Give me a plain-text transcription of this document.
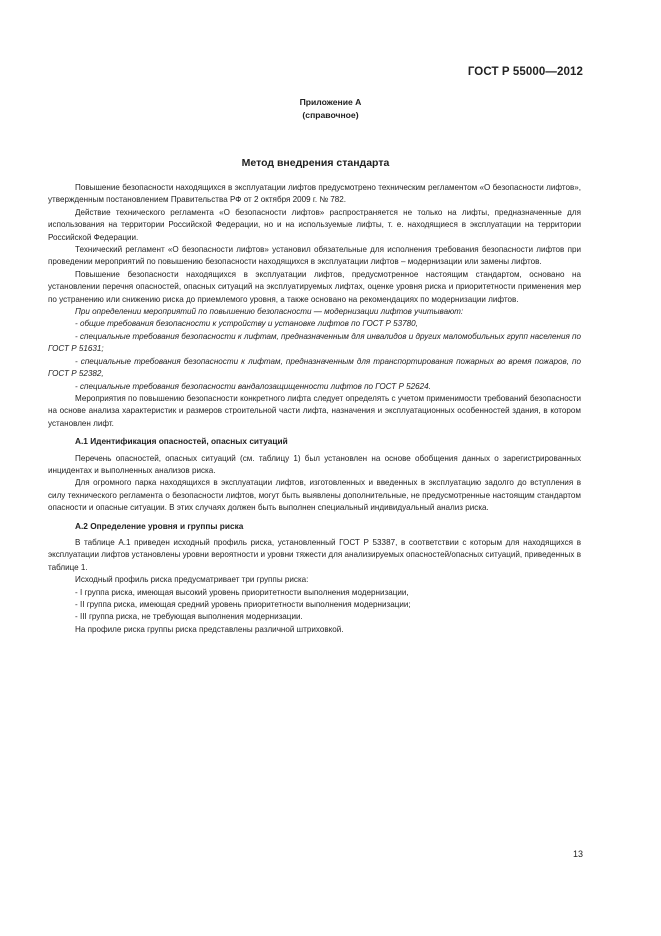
ГОСТ Р 55000—2012
Приложение А
(справочное)
Метод внедрения стандарта

Повышение безопасности находящихся в эксплуатации лифтов предусмотрено техническим регламентом «О безопасности лифтов», утвержденным постановлением Правительства РФ от 2 октября 2009 г. № 782.

Действие технического регламента «О безопасности лифтов» распространяется не только на лифты, предназначенные для использования на территории Российской Федерации, но и на используемые лифты, т. е. находящиеся в эксплуатации на территории Российской Федерации.

Технический регламент «О безопасности лифтов» установил обязательные для исполнения требования безопасности лифтов при проведении мероприятий по повышению безопасности находящихся в эксплуатации лифтов – модернизации или замены лифтов.

Повышение безопасности находящихся в эксплуатации лифтов, предусмотренное настоящим стандартом, основано на установлении перечня опасностей, опасных ситуаций на эксплуатируемых лифтах, оценке уровня риска и приоритетности применения мер по устранению или снижению риска до приемлемого уровня, а также основано на рекомендациях по модернизации лифтов.

При определении мероприятий по повышению безопасности — модернизации лифтов учитывают:

- общие требования безопасности к устройству и установке лифтов по ГОСТ Р 53780,

- специальные требования безопасности к лифтам, предназначенным для инвалидов и других маломобильных групп населения по ГОСТ Р 51631;

- специальные требования безопасности к лифтам, предназначенным для транспортирования пожарных во время пожаров, по ГОСТ Р 52382,

- специальные требования безопасности вандалозащищенности лифтов по ГОСТ Р 52624.

Мероприятия по повышению безопасности конкретного лифта следует определять с учетом применимости требований безопасности на основе анализа характеристик и размеров строительной части лифта, назначения и эксплуатационных особенностей здания, в котором установлен лифт.

А.1 Идентификация опасностей, опасных ситуаций

Перечень опасностей, опасных ситуаций (см. таблицу 1) был установлен на основе обобщения данных о зарегистрированных инцидентах и выполненных анализов риска.

Для огромного парка находящихся в эксплуатации лифтов, изготовленных и введенных в эксплуатацию задолго до вступления в силу технического регламента о безопасности лифтов, могут быть выявлены дополнительные, не предусмотренные настоящим стандартом опасности и опасные ситуации. В этих случаях должен быть выполнен специальный индивидуальный анализ риска.

А.2 Определение уровня и группы риска

В таблице А.1 приведен исходный профиль риска, установленный ГОСТ Р 53387, в соответствии с которым для находящихся в эксплуатации лифтов установлены уровни вероятности и уровни тяжести для анализируемых опасностей/опасных ситуаций, приведенных в таблице 1.

Исходный профиль риска предусматривает три группы риска:

- I группа риска, имеющая высокий уровень приоритетности выполнения модернизации,

- II группа риска, имеющая средний уровень приоритетности выполнения модернизации;

- III группа риска, не требующая выполнения модернизации.

На профиле риска группы риска представлены различной штриховкой.

13
